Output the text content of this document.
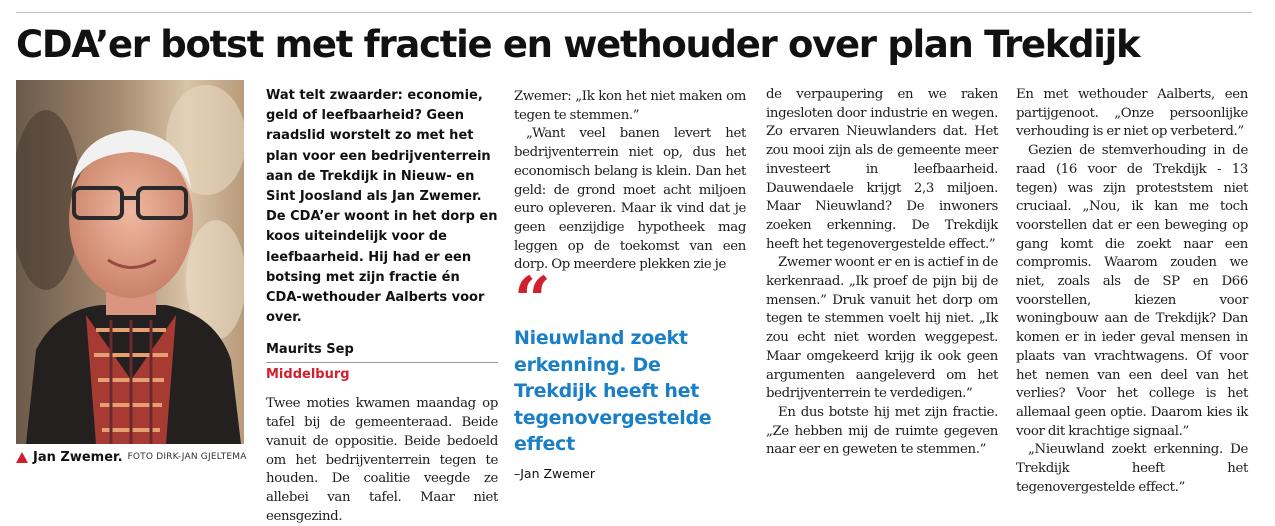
CDA’er botst met fractie en wethouder over plan Trekdijk
Jan Zwemer. FOTO DIRK-JAN GJELTEMA

Wat telt zwaarder: economie, geld of leefbaarheid? Geen raadslid worstelt zo met het plan voor een bedrijventerrein aan de Trekdijk in Nieuw- en Sint Joosland als Jan Zwemer. De CDA’er woont in het dorp en koos uiteindelijk voor de leefbaarheid. Hij had er een botsing met zijn fractie én CDA-wethouder Aalberts voor over.

Maurits Sep
Middelburg

Twee moties kwamen maandag op tafel bij de gemeenteraad. Beide vanuit de oppositie. Beide bedoeld om het bedrijventerrein tegen te houden. De coalitie veegde ze allebei van tafel. Maar niet eensgezind.

Zwemer: „Ik kon het niet maken om tegen te stemmen.”

„Want veel banen levert het bedrijventerrein niet op, dus het economisch belang is klein. Dan het geld: de grond moet acht miljoen euro opleveren. Maar ik vind dat je geen eenzijdige hypotheek mag leggen op de toekomst van een dorp. Op meerdere plekken zie je

“
Nieuwland zoekt erkenning. De Trekdijk heeft het tegenovergestelde effect
–Jan Zwemer

de verpaupering en we raken ingesloten door industrie en wegen. Zo ervaren Nieuwlanders dat. Het zou mooi zijn als de gemeente meer investeert in leefbaarheid. Dauwendaele krijgt 2,3 miljoen. Maar Nieuwland? De inwoners zoeken erkenning. De Trekdijk heeft het tegenovergestelde effect.”

Zwemer woont er en is actief in de kerkenraad. „Ik proef de pijn bij de mensen.” Druk vanuit het dorp om tegen te stemmen voelt hij niet. „Ik zou echt niet worden weggepest. Maar omgekeerd krijg ik ook geen argumenten aangeleverd om het bedrijventerrein te verdedigen.”

En dus botste hij met zijn fractie. „Ze hebben mij de ruimte gegeven naar eer en geweten te stemmen.”

En met wethouder Aalberts, een partijgenoot. „Onze persoonlijke verhouding is er niet op verbeterd.”

Gezien de stemverhouding in de raad (16 voor de Trekdijk - 13 tegen) was zijn proteststem niet cruciaal. „Nou, ik kan me toch voorstellen dat er een beweging op gang komt die zoekt naar een compromis. Waarom zouden we niet, zoals als de SP en D66 voorstellen, kiezen voor woningbouw aan de Trekdijk? Dan komen er in ieder geval mensen in plaats van vrachtwagens. Of voor het nemen van een deel van het verlies? Voor het college is het allemaal geen optie. Daarom kies ik voor dit krachtige signaal.”

„Nieuwland zoekt erkenning. De Trekdijk heeft het tegenovergestelde effect.”
